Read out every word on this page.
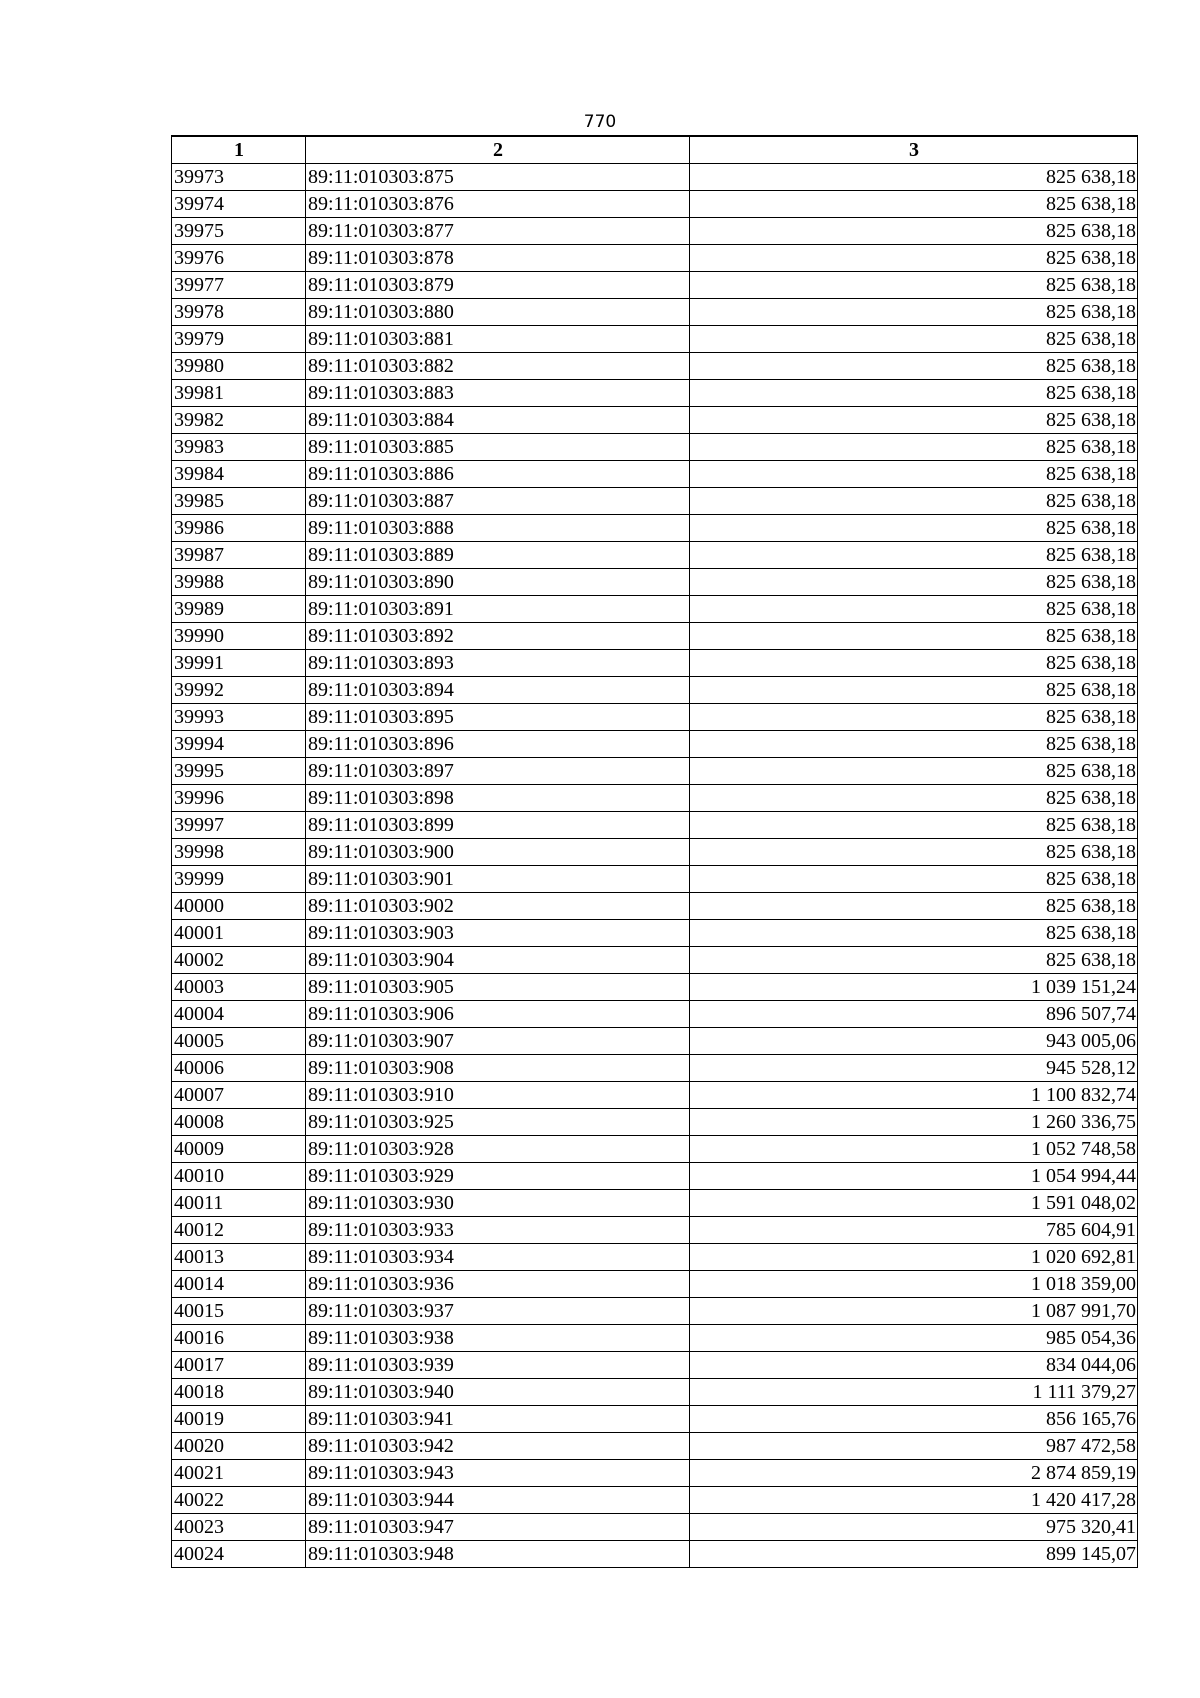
770
1	2	3
39973	89:11:010303:875	825 638,18
39974	89:11:010303:876	825 638,18
39975	89:11:010303:877	825 638,18
39976	89:11:010303:878	825 638,18
39977	89:11:010303:879	825 638,18
39978	89:11:010303:880	825 638,18
39979	89:11:010303:881	825 638,18
39980	89:11:010303:882	825 638,18
39981	89:11:010303:883	825 638,18
39982	89:11:010303:884	825 638,18
39983	89:11:010303:885	825 638,18
39984	89:11:010303:886	825 638,18
39985	89:11:010303:887	825 638,18
39986	89:11:010303:888	825 638,18
39987	89:11:010303:889	825 638,18
39988	89:11:010303:890	825 638,18
39989	89:11:010303:891	825 638,18
39990	89:11:010303:892	825 638,18
39991	89:11:010303:893	825 638,18
39992	89:11:010303:894	825 638,18
39993	89:11:010303:895	825 638,18
39994	89:11:010303:896	825 638,18
39995	89:11:010303:897	825 638,18
39996	89:11:010303:898	825 638,18
39997	89:11:010303:899	825 638,18
39998	89:11:010303:900	825 638,18
39999	89:11:010303:901	825 638,18
40000	89:11:010303:902	825 638,18
40001	89:11:010303:903	825 638,18
40002	89:11:010303:904	825 638,18
40003	89:11:010303:905	1 039 151,24
40004	89:11:010303:906	896 507,74
40005	89:11:010303:907	943 005,06
40006	89:11:010303:908	945 528,12
40007	89:11:010303:910	1 100 832,74
40008	89:11:010303:925	1 260 336,75
40009	89:11:010303:928	1 052 748,58
40010	89:11:010303:929	1 054 994,44
40011	89:11:010303:930	1 591 048,02
40012	89:11:010303:933	785 604,91
40013	89:11:010303:934	1 020 692,81
40014	89:11:010303:936	1 018 359,00
40015	89:11:010303:937	1 087 991,70
40016	89:11:010303:938	985 054,36
40017	89:11:010303:939	834 044,06
40018	89:11:010303:940	1 111 379,27
40019	89:11:010303:941	856 165,76
40020	89:11:010303:942	987 472,58
40021	89:11:010303:943	2 874 859,19
40022	89:11:010303:944	1 420 417,28
40023	89:11:010303:947	975 320,41
40024	89:11:010303:948	899 145,07
